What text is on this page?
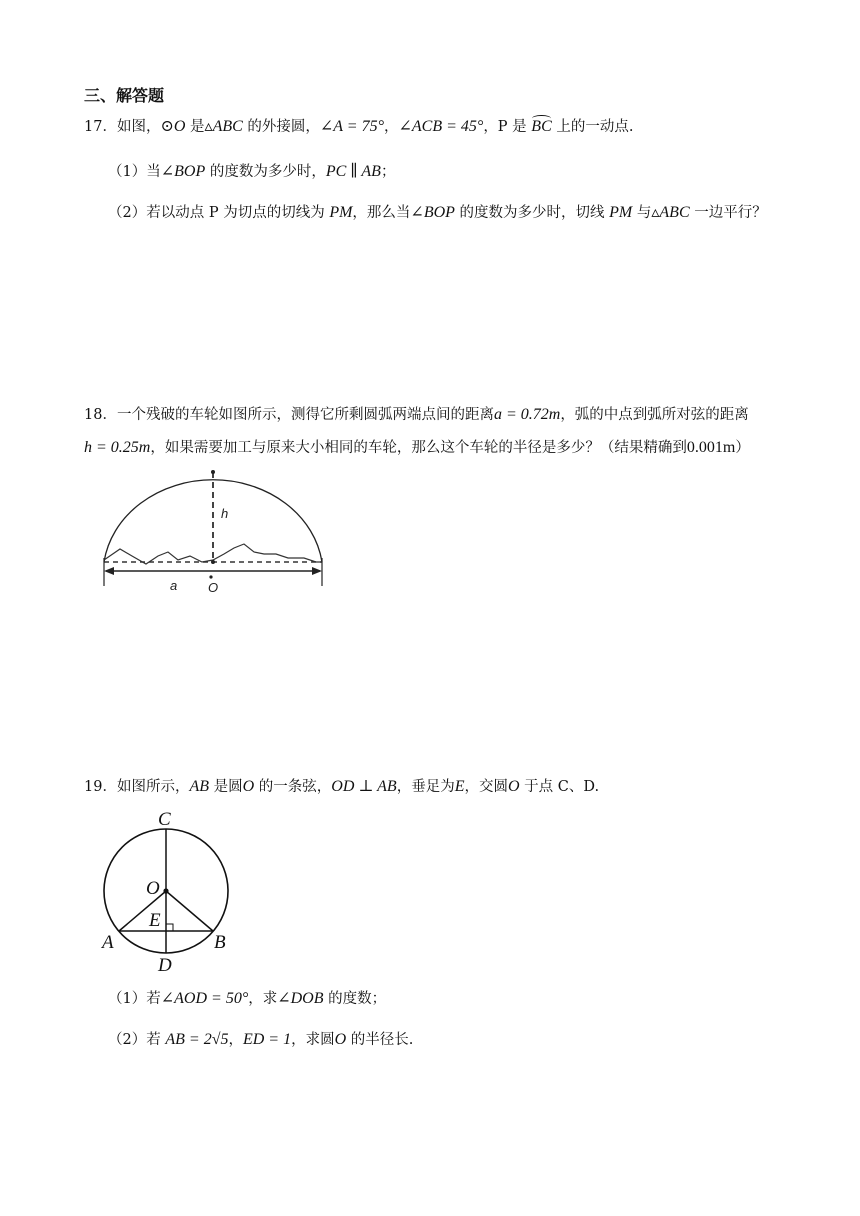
三、解答题
17．如图，⊙O 是▵ABC 的外接圆，∠A = 75°，∠ACB = 45°，P 是 BC 上的一动点.
（1）当∠BOP 的度数为多少时，PC ∥ AB；
（2）若以动点 P 为切点的切线为 PM，那么当∠BOP 的度数为多少时，切线 PM 与▵ABC 一边平行？
18．一个残破的车轮如图所示，测得它所剩圆弧两端点间的距离a = 0.72m，弧的中点到弧所对弦的距离
h = 0.25m，如果需要加工与原来大小相同的车轮，那么这个车轮的半径是多少？（结果精确到0.001m）
h
a O
19．如图所示，AB 是圆O 的一条弦，OD ⊥ AB，垂足为E，交圆O 于点 C、D.
C
O
E
A	B
D
（1）若∠AOD = 50°，求∠DOB 的度数；
（2）若 AB = 2√5，ED = 1，求圆O 的半径长.
